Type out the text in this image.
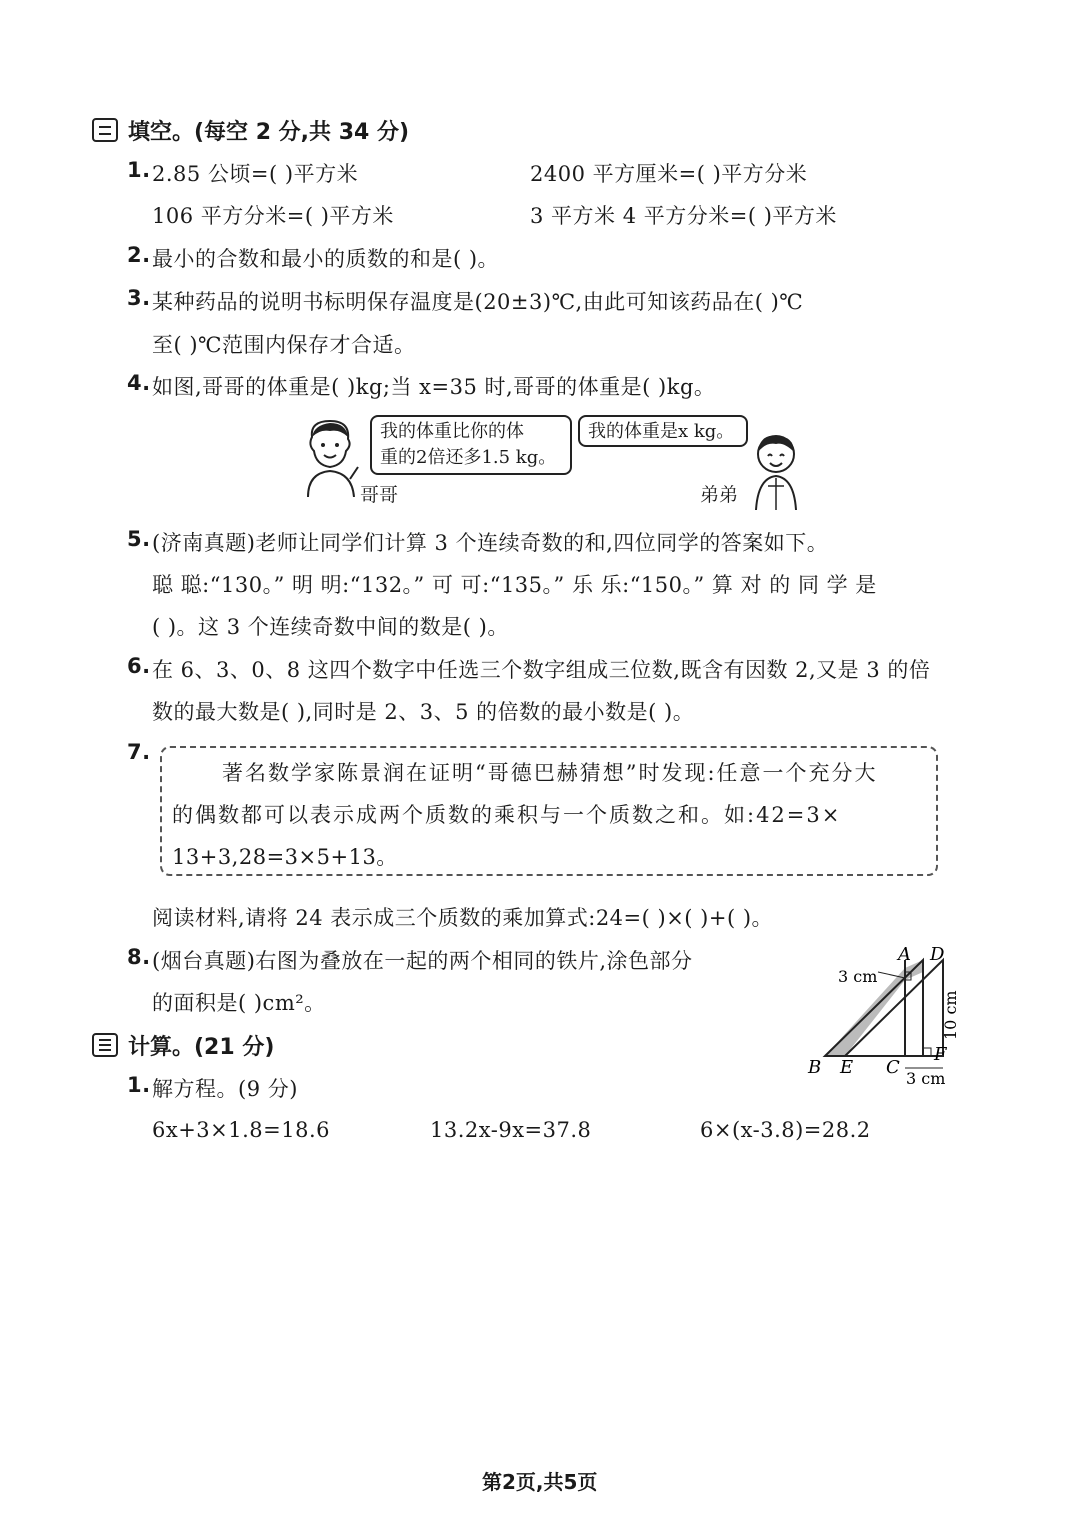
填空。(每空 2 分,共 34 分)
1. 2.85 公顷=( )平方米	2400 平方厘米=( )平方分米
106 平方分米=( )平方米	3 平方米 4 平方分米=( )平方米
2. 最小的合数和最小的质数的和是( )。
3. 某种药品的说明书标明保存温度是(20±3)℃,由此可知该药品在( )℃
至( )℃范围内保存才合适。
4. 如图,哥哥的体重是( )kg;当 x=35 时,哥哥的体重是( )kg。
我的体重比你的体
重的2倍还多1.5 kg。
我的体重是x kg。
哥哥	弟弟
5. (济南真题)老师让同学们计算 3 个连续奇数的和,四位同学的答案如下。
聪 聪:“130。” 明 明:“132。” 可 可:“135。” 乐 乐:“150。” 算 对 的 同 学 是
( )。这 3 个连续奇数中间的数是( )。
6. 在 6、3、0、8 这四个数字中任选三个数字组成三位数,既含有因数 2,又是 3 的倍
数的最大数是( ),同时是 2、3、5 的倍数的最小数是( )。
7.
著名数学家陈景润在证明“哥德巴赫猜想”时发现:任意一个充分大
的偶数都可以表示成两个质数的乘积与一个质数之和。如:42=3×
13+3,28=3×5+13。
阅读材料,请将 24 表示成三个质数的乘加算式:24=( )×( )+( )。
8. (烟台真题)右图为叠放在一起的两个相同的铁片,涂色部分
的面积是( )cm²。
A D
B E C
F
3 cm
10 cm
3 cm
计算。(21 分)
1. 解方程。(9 分)
6x+3×1.8=18.6	13.2x-9x=37.8	6×(x-3.8)=28.2
第2页,共5页
